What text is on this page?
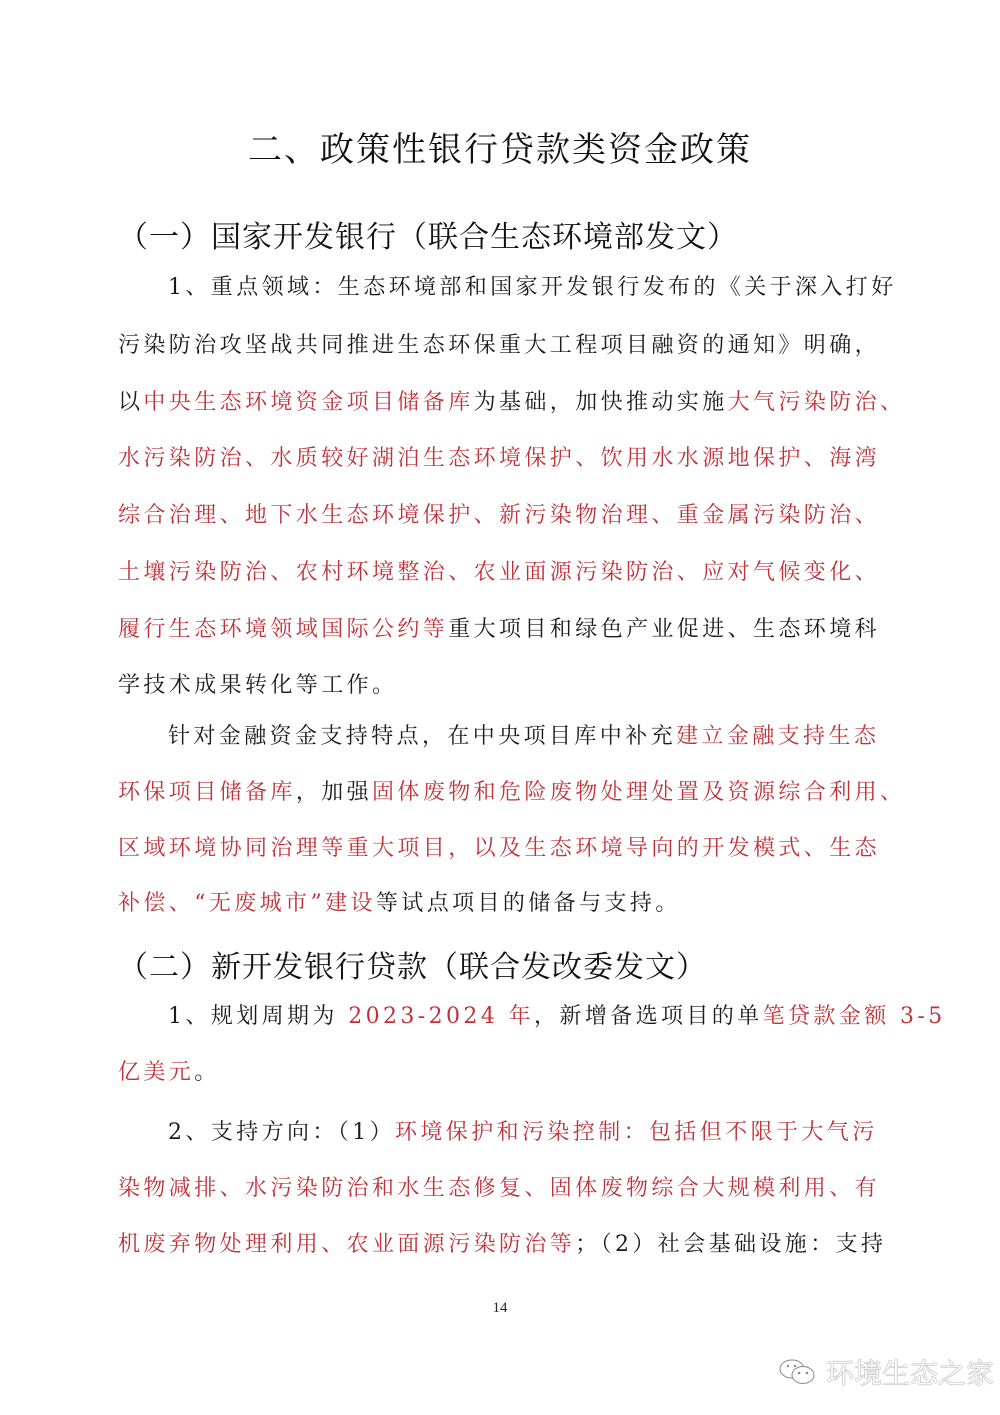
二、政策性银行贷款类资金政策
（一）国家开发银行（联合生态环境部发文）
1、重点领域：生态环境部和国家开发银行发布的《关于深入打好
污染防治攻坚战共同推进生态环保重大工程项目融资的通知》明确，
以中央生态环境资金项目储备库为基础，加快推动实施大气污染防治、
水污染防治、水质较好湖泊生态环境保护、饮用水水源地保护、海湾
综合治理、地下水生态环境保护、新污染物治理、重金属污染防治、
土壤污染防治、农村环境整治、农业面源污染防治、应对气候变化、
履行生态环境领域国际公约等重大项目和绿色产业促进、生态环境科
学技术成果转化等工作。
针对金融资金支持特点，在中央项目库中补充建立金融支持生态
环保项目储备库，加强固体废物和危险废物处理处置及资源综合利用、
区域环境协同治理等重大项目，以及生态环境导向的开发模式、生态
补偿、“无废城市”建设等试点项目的储备与支持。
（二）新开发银行贷款（联合发改委发文）
1、规划周期为 2023-2024 年，新增备选项目的单笔贷款金额 3-5
亿美元。
2、支持方向：（1）环境保护和污染控制：包括但不限于大气污
染物减排、水污染防治和水生态修复、固体废物综合大规模利用、有
机废弃物处理利用、农业面源污染防治等；（2）社会基础设施：支持
14
环境生态之家
